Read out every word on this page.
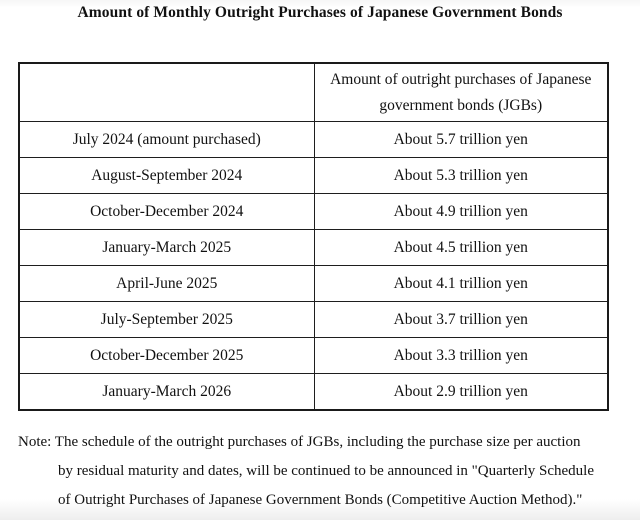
Amount of Monthly Outright Purchases of Japanese Government Bonds

	Amount of outright purchases of Japanese
government bonds (JGBs)

July 2024 (amount purchased)	About 5.7 trillion yen
August-September 2024	About 5.3 trillion yen
October-December 2024	About 4.9 trillion yen
January-March 2025	About 4.5 trillion yen
April-June 2025	About 4.1 trillion yen
July-September 2025	About 3.7 trillion yen
October-December 2025	About 3.3 trillion yen
January-March 2026	About 2.9 trillion yen
Note: The schedule of the outright purchases of JGBs, including the purchase size per auction
by residual maturity and dates, will be continued to be announced in "Quarterly Schedule
of Outright Purchases of Japanese Government Bonds (Competitive Auction Method)."
